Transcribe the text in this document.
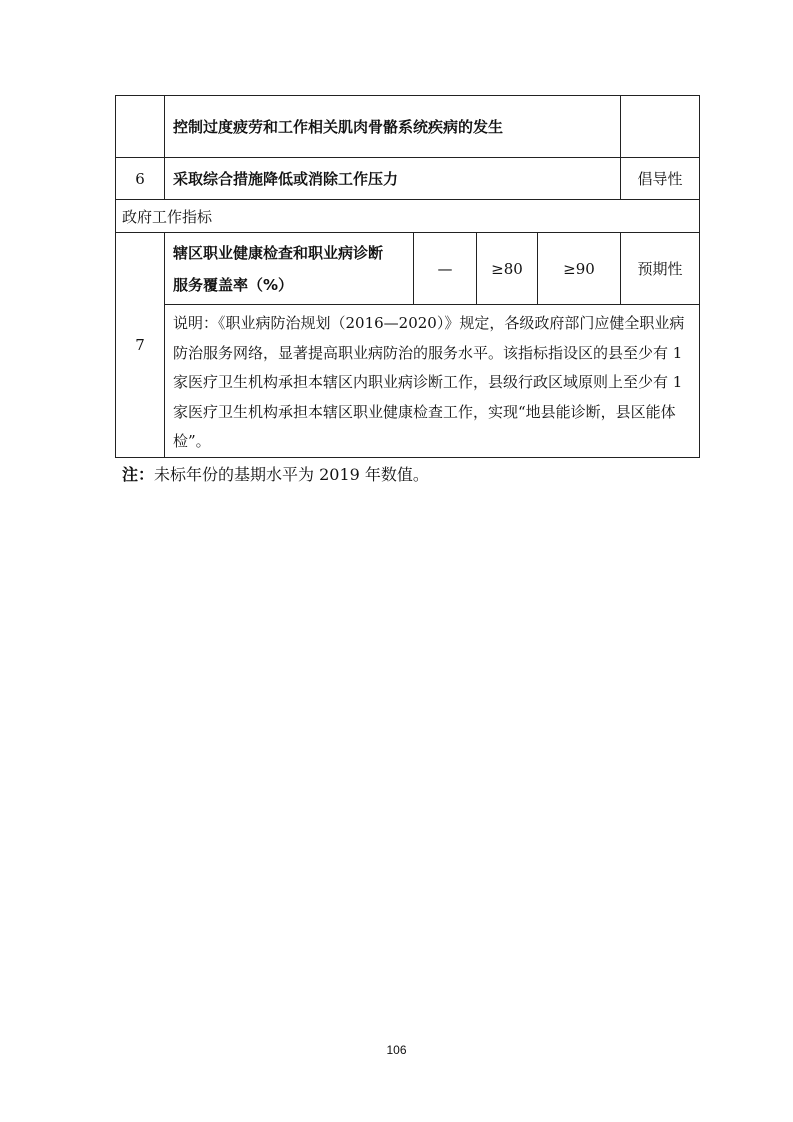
	控制过度疲劳和工作相关肌肉骨骼系统疾病的发生				
6	采取综合措施降低或消除工作压力				倡导性
政府工作指标					
7	辖区职业健康检查和职业病诊断
服务覆盖率（%）	—	≥80	≥90	预期性
	说明：《职业病防治规划（2016—2020）》规定，各级政府部门应健全职业病防治服务网络，显著提高职业病防治的服务水平。该指标指设区的县至少有 1 家医疗卫生机构承担本辖区内职业病诊断工作，县级行政区域原则上至少有 1 家医疗卫生机构承担本辖区职业健康检查工作，实现“地县能诊断，县区能体检”。				
注：未标年份的基期水平为 2019 年数值。
106
